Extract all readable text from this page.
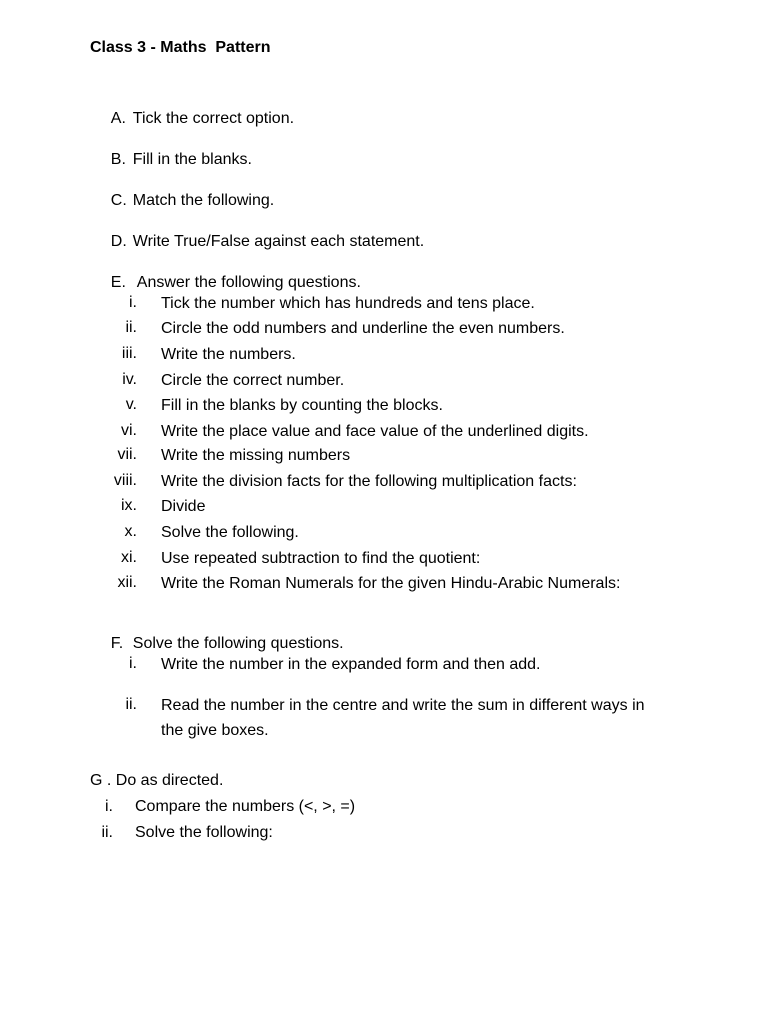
Class 3 - Maths  Pattern

A. Tick the correct option.

B. Fill in the blanks.

C. Match the following.

D. Write True/False against each statement.

E. Answer the following questions.

i. Tick the number which has hundreds and tens place.
ii. Circle the odd numbers and underline the even numbers.
iii. Write the numbers.
iv. Circle the correct number.
v. Fill in the blanks by counting the blocks.
vi. Write the place value and face value of the underlined digits.
vii. Write the missing numbers
viii. Write the division facts for the following multiplication facts:
ix. Divide
x. Solve the following.
xi. Use repeated subtraction to find the quotient:
xii. Write the Roman Numerals for the given Hindu-Arabic Numerals:

F. Solve the following questions.

i. Write the number in the expanded form and then add.
ii. Read the number in the centre and write the sum in different ways in the give boxes.
G . Do as directed.
i. Compare the numbers (<, >, =)
ii. Solve the following:
